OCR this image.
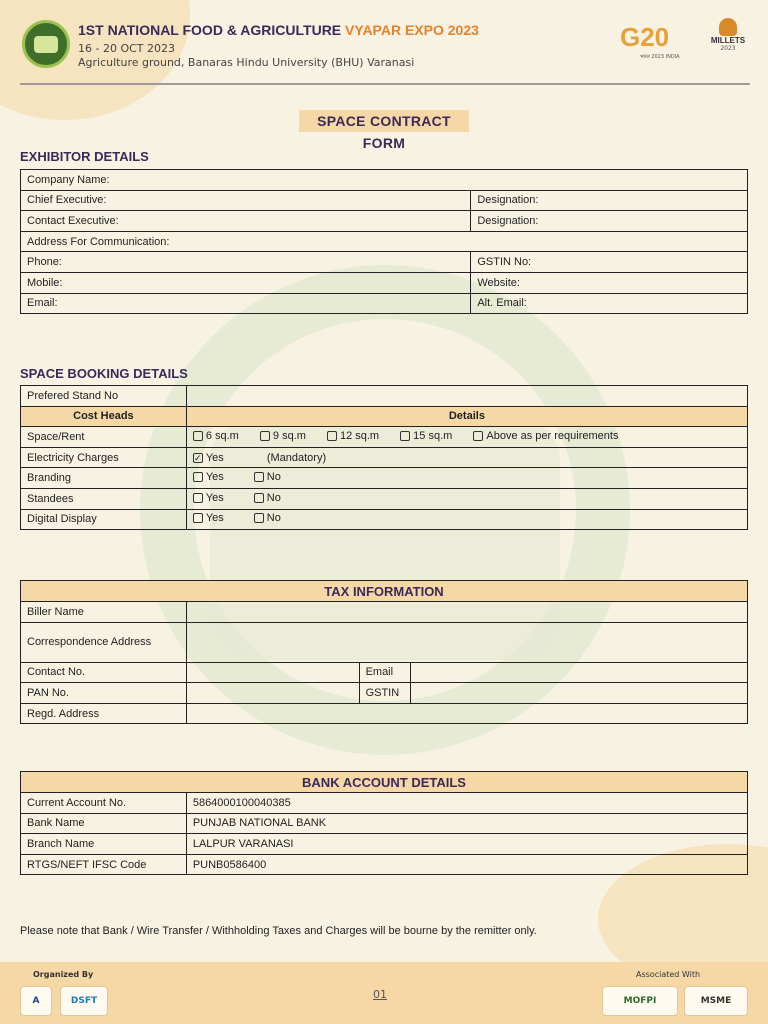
1ST NATIONAL FOOD & AGRICULTURE VYAPAR EXPO 2023
16 - 20 OCT 2023
Agriculture ground, Banaras Hindu University (BHU) Varanasi
G20
भारत 2023 INDIA
MILLETS
2023
SPACE CONTRACT FORM
EXHIBITOR DETAILS
Company Name:	
Chief Executive:	Designation:
Contact Executive:	Designation:
Address For Communication:	
Phone:	GSTIN No:
Mobile:	Website:
Email:	Alt. Email:
SPACE BOOKING DETAILS
Prefered Stand No	
Cost Heads	Details
Space/Rent	6 sq.m
9 sq.m
12 sq.m
15 sq.m
Above as per requirements

Electricity Charges	✓ Yes (Mandatory)
Branding	Yes No

Standees	Yes No

Digital Display	Yes No
TAX INFORMATION			
Biller Name			
Correspondence Address			
Contact No.		Email	
PAN No.		GSTIN	
Regd. Address			
BANK ACCOUNT DETAILS	
Current Account No.	5864000100040385
Bank Name	PUNJAB NATIONAL BANK
Branch Name	LALPUR VARANASI
RTGS/NEFT IFSC Code	PUNB0586400
Please note that Bank / Wire Transfer / Withholding Taxes and Charges will be bourne by the remitter only.
Organized By
A	DSFT	01
Associated With
MOFPI	MSME
